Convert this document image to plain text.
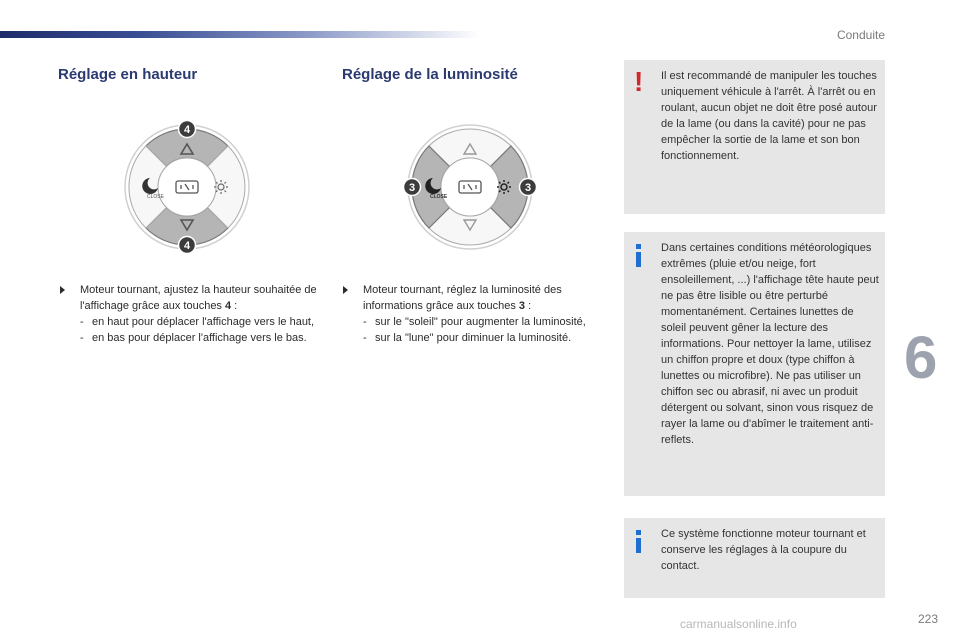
Conduite
Réglage en hauteur	Réglage de la luminosité
CLOSE
4
4
CLOSE
3	3
Moteur tournant, ajustez la hauteur souhaitée de l'affichage grâce aux touches 4 :
- en haut pour déplacer l'affichage vers le haut,
- en bas pour déplacer l'affichage vers le bas.
Moteur tournant, réglez la luminosité des informations grâce aux touches 3 :
- sur le "soleil" pour augmenter la luminosité,
- sur la "lune" pour diminuer la luminosité.
! Il est recommandé de manipuler les touches uniquement véhicule à l'arrêt. À l'arrêt ou en roulant, aucun objet ne doit être posé autour de la lame (ou dans la cavité) pour ne pas empêcher la sortie de la lame et son bon fonctionnement.
Dans certaines conditions météorologiques extrêmes (pluie et/ou neige, fort ensoleillement, ...) l'affichage tête haute peut ne pas être lisible ou être perturbé momentanément. Certaines lunettes de soleil peuvent gêner la lecture des informations. Pour nettoyer la lame, utilisez un chiffon propre et doux (type chiffon à lunettes ou microfibre). Ne pas utiliser un chiffon sec ou abrasif, ni avec un produit détergent ou solvant, sinon vous risquez de rayer la lame ou d'abîmer le traitement anti-reflets.
Ce système fonctionne moteur tournant et conserve les réglages à la coupure du contact.
6
carmanualsonline.info	223
